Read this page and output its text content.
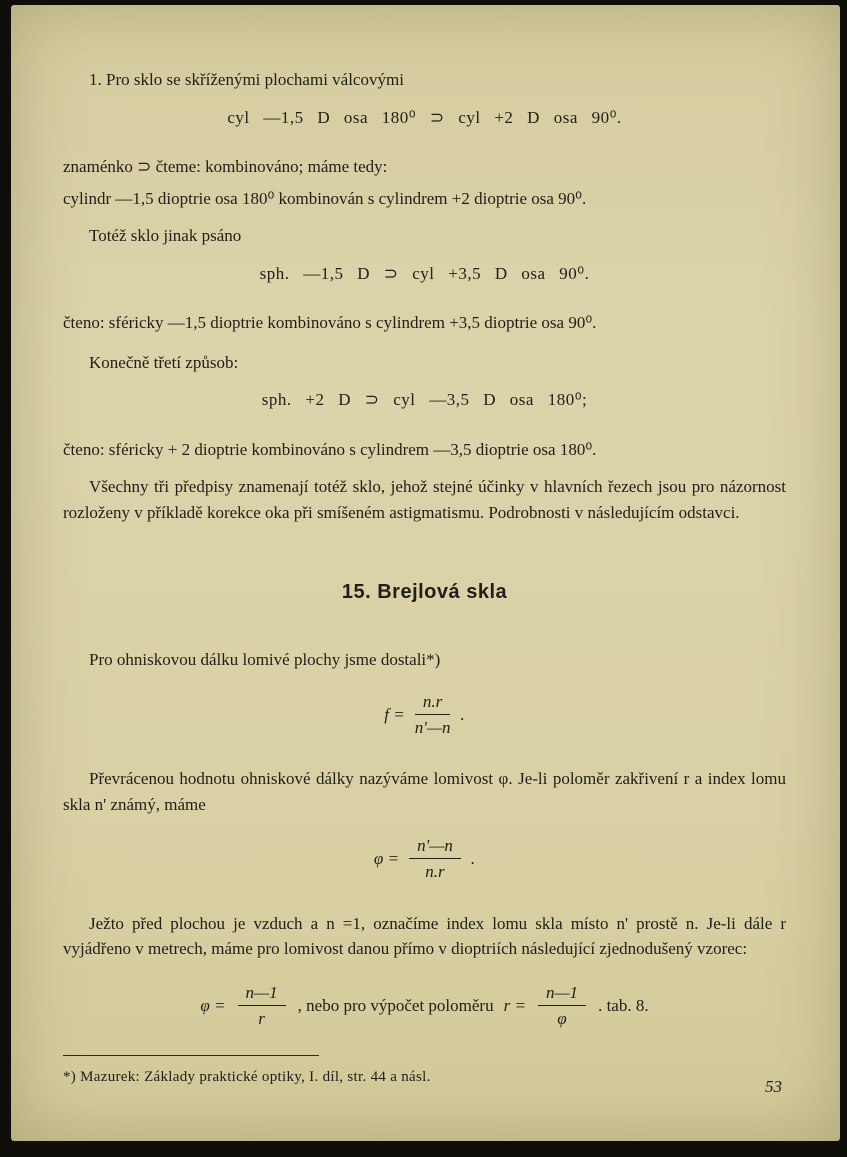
1. Pro sklo se skříženými plochami válcovými

cyl —1,5 D osa 180⁰ ⊃ cyl +2 D osa 90⁰.

znaménko ⊃ čteme: kombinováno; máme tedy:

cylindr —1,5 dioptrie osa 180⁰ kombinován s cylindrem +2 dioptrie osa 90⁰.

Totéž sklo jinak psáno

sph. —1,5 D ⊃ cyl +3,5 D osa 90⁰.

čteno: sféricky —1,5 dioptrie kombinováno s cylindrem +3,5 dioptrie osa 90⁰.

Konečně třetí způsob:

sph. +2 D ⊃ cyl —3,5 D osa 180⁰;

čteno: sféricky + 2 dioptrie kombinováno s cylindrem —3,5 dioptrie osa 180⁰.

Všechny tři předpisy znamenají totéž sklo, jehož stejné účinky v hlavních řezech jsou pro názornost rozloženy v příkladě korekce oka při smíšeném astigmatismu. Podrobnosti v následujícím odstavci.

15. Brejlová skla

Pro ohniskovou dálku lomivé plochy jsme dostali*)

$f = \frac{n.r}{n'—n}$ .

Převrácenou hodnotu ohniskové dálky nazýváme lomivost φ. Je-li poloměr zakřivení r a index lomu skla n' známý, máme

$\varphi = \frac{n'—n}{n.r}$ .

Ježto před plochou je vzduch a n =1, označíme index lomu skla místo n' prostě n. Je-li dále r vyjádřeno v metrech, máme pro lomivost danou přímo v dioptriích následující zjednodušený vzorec:

$\varphi = \frac{n—1}{r}$ , nebo pro výpočet poloměru $r = \frac{n—1}{\varphi}$ . tab. 8.

*) Mazurek: Základy praktické optiky, I. díl, str. 44 a násl.	53
